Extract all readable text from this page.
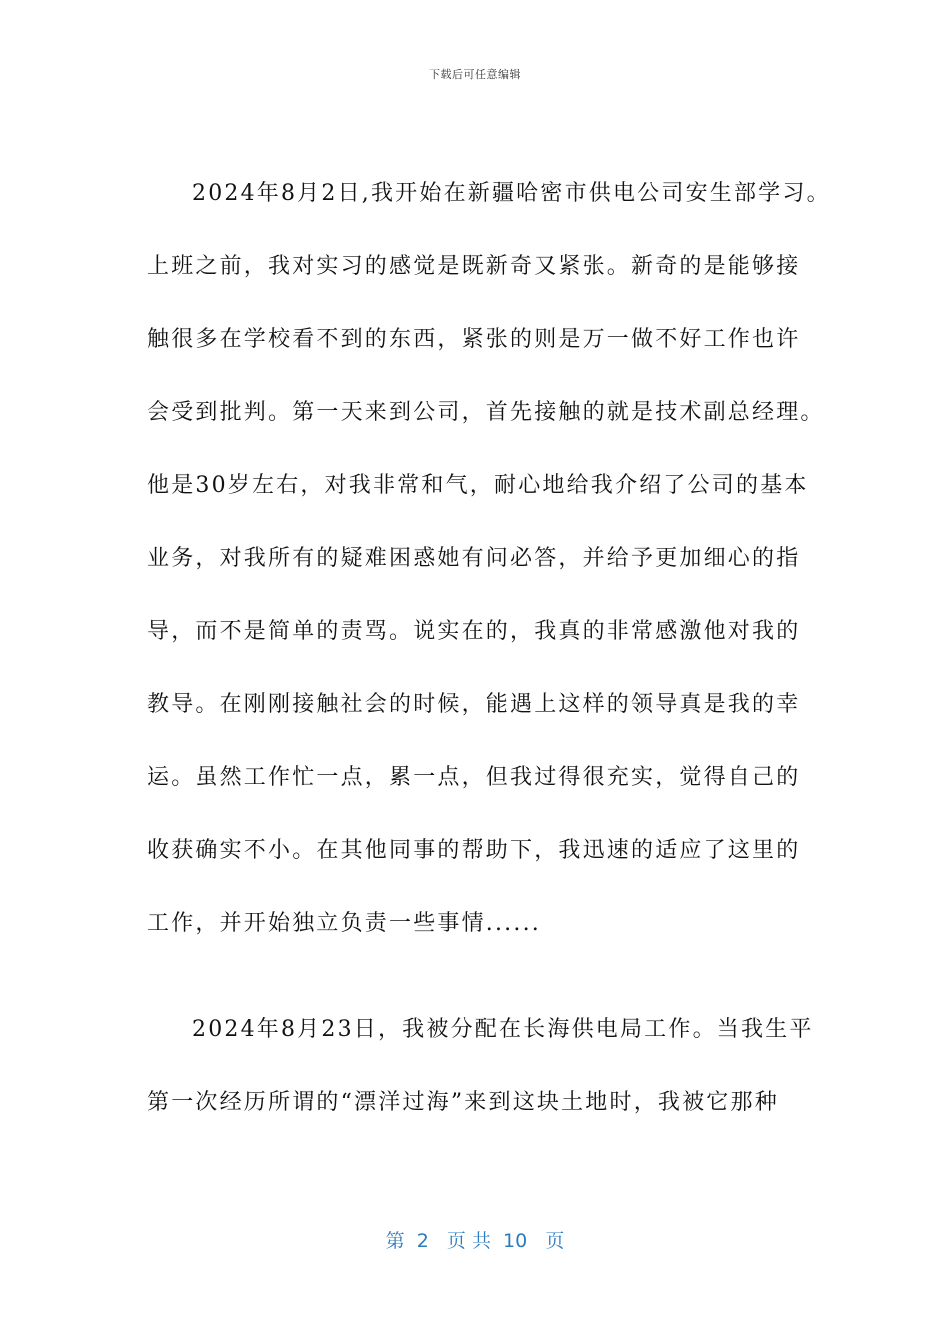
下载后可任意编辑
2024年8月2日,我开始在新疆哈密市供电公司安生部学习。
上班之前，我对实习的感觉是既新奇又紧张。新奇的是能够接
触很多在学校看不到的东西，紧张的则是万一做不好工作也许
会受到批判。第一天来到公司，首先接触的就是技术副总经理。
他是30岁左右，对我非常和气，耐心地给我介绍了公司的基本
业务，对我所有的疑难困惑她有问必答，并给予更加细心的指
导，而不是简单的责骂。说实在的，我真的非常感激他对我的
教导。在刚刚接触社会的时候，能遇上这样的领导真是我的幸
运。虽然工作忙一点，累一点，但我过得很充实，觉得自己的
收获确实不小。在其他同事的帮助下，我迅速的适应了这里的
工作，并开始独立负责一些事情......
2024年8月23日，我被分配在长海供电局工作。当我生平
第一次经历所谓的“漂洋过海”来到这块土地时，我被它那种
第  2   页 共  10   页
